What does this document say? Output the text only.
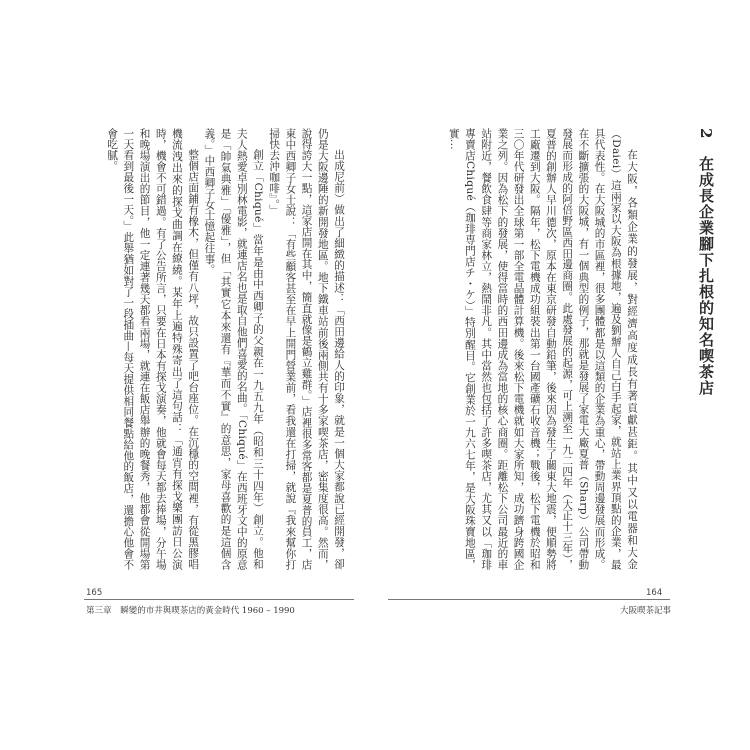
2 在成長企業腳下扎根的知名喫茶店

在大阪，各類企業的發展，對經濟高度成長有著貢獻甚鉅。其中又以電器和大金（Daiei）這兩家以大阪為根據地，遍及劉辦人自己白手起家，就站上業界頂點的企業，最具代表性。在大阪城的市區裡，很多團體都是以這類的企業為重心，帶動周邊發展而形成。在不斷擴張的大阪城，有一個典型的例子，那就是發展了家電大廠夏普（Sharp）公司帶動發展而形成的阿倍野區西田邊商圈。此處發展的起源，可上溯至一九二四年（大正十三年），夏普的創辦人早川德次，原本在東京研發自動鉛筆，後來因為發生了關東大地震，便順勢將工廠遷到大阪。隔年，松下電機成功組裝出第一台國產礦石收音機；戰後，松下電機於昭和三〇年代研發出全球第一部全電晶體計算機。後來松下電機就如大家所知，成功躋身跨國企業之列。因為松下的發展，使得當時的西田邊成為當地的核心商圈。距離松下公司最近的車站附近，餐飲食肆等商家林立，熱鬧非凡。其中當然也包括了許多喫茶店，尤其又以「珈琲專賣店Chiqué（珈琲専門店チ・ケ）」特別醒目。它創業於一九六七年，是大阪珠寶地區，實...

出成尼前）做出了細緻的描述：「西田邊給人的印象，就是一個大家都說已經開發，卻仍是大阪邊陲的新開發地區。地下鐵車站前後兩側共有十多家喫茶店，密集度很高。然而，說得誇大一點，這家店開在其中，簡直就像是鶴立雞群。」店裡很多常客都是夏普的員工，店東中西卿子女士說：「有些顧客甚至在早上開門營業前，看我還在打掃，就說『我來幫你打掃快去沖咖啡』。」

創立「Chiqué」當年是由中西卿子的父親在一九五九年（昭和三十四年）創立。他和夫人熱愛卓別林電影，就連店名也是取自他們喜愛的名曲。「Chiqué」在西班牙文中的原意是「帥氣典雅」「優雅」，但「其實它本來還有『華而不實』的意思，家母喜歡的是這個含義。」中西卿子女士憶起往事。

整個店面鋪有橡木，但僅有八坪，故只設置了吧台座位。在沉穩的空間裡，有從黑膠唱機流洩出來的探戈曲調在繚繞。某年上遍特殊寄出了這句話：「通宵有探戈樂團訪日公演時，機會不可錯過。有了公告所言，只要在日本有探戈演奏，他就會每天都去捧場，分午場和晚場演出的節目，他一定連著幾天都看兩場，就連在飯店舉辦的晚餐秀，他都會從開場第一天看到最後一天。」此舉猶如對了一段插曲—每天提供相同餐點給他的飯店，還擔心他會不會吃膩。

165	164
第三章 瞬變的市井與喫茶店的黃金時代 1960 – 1990	大阪喫茶記事
